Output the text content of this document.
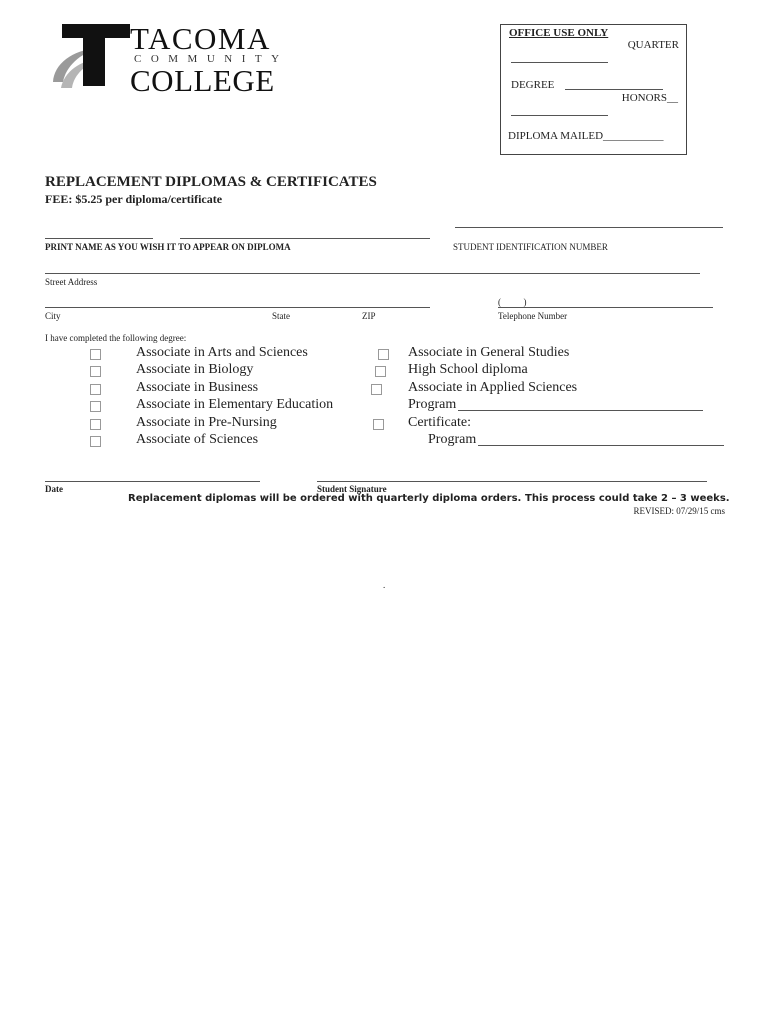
TACOMA
COMMUNITY
COLLEGE
OFFICE USE ONLY
QUARTER
DEGREE
HONORS__
DIPLOMA MAILED___________
REPLACEMENT DIPLOMAS & CERTIFICATES
FEE: $5.25 per diploma/certificate
PRINT NAME AS YOU WISH IT TO APPEAR ON DIPLOMA	STUDENT IDENTIFICATION NUMBER
Street Address
City	State	ZIP
(          )
Telephone Number
I have completed the following degree:
Associate in Arts and Sciences
Associate in Biology
Associate in Business
Associate in Elementary Education
Associate in Pre-Nursing
Associate of Sciences
Associate in General Studies
High School diploma
Associate in Applied Sciences
Program
Certificate:
Program
Date	Student Signature
Replacement diplomas will be ordered with quarterly diploma orders. This process could take 2 – 3 weeks.
REVISED: 07/29/15 cms
.
